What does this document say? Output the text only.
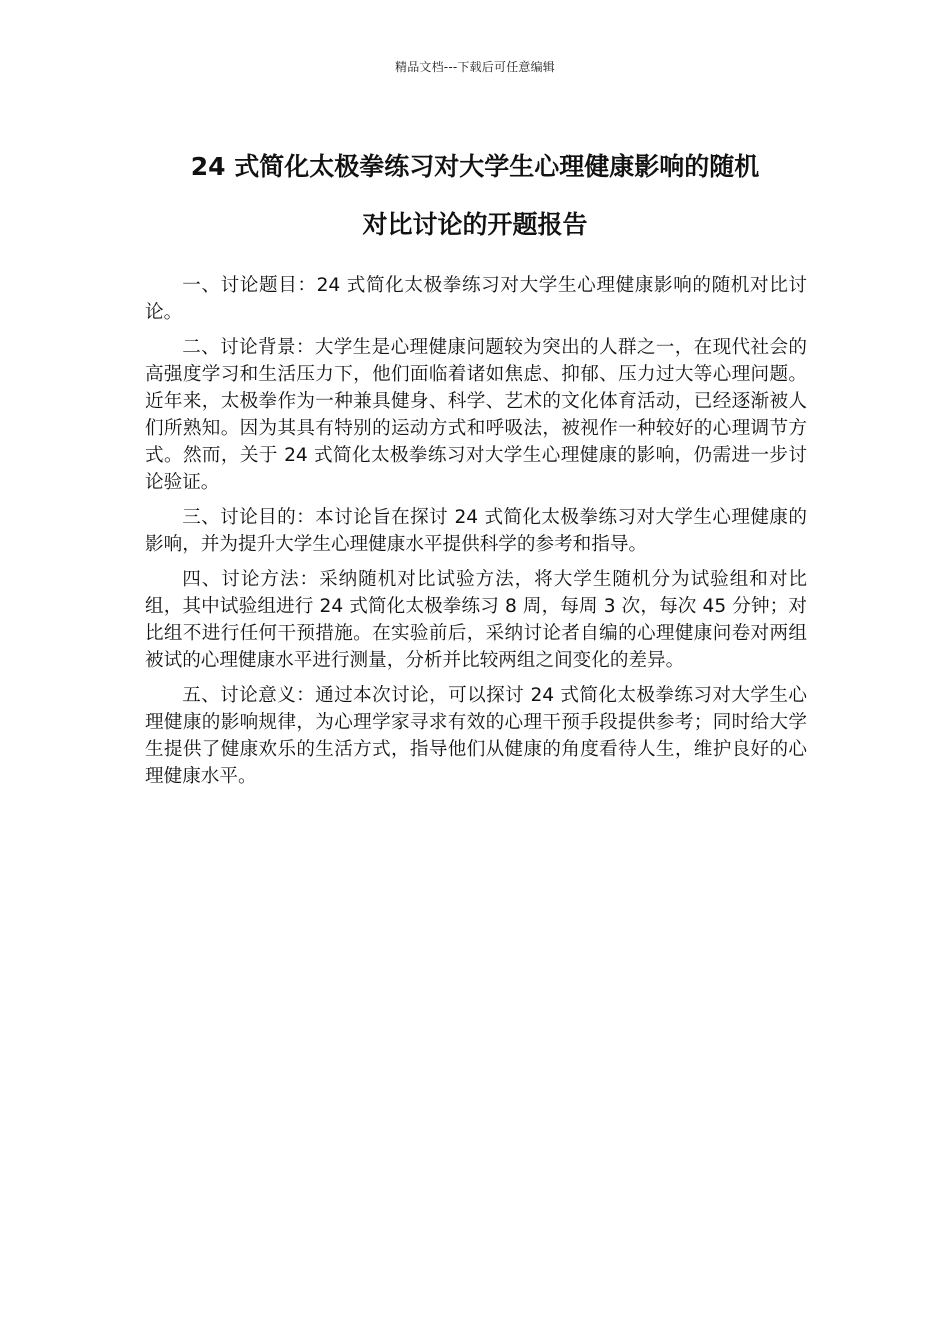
精品文档---下载后可任意编辑
24 式简化太极拳练习对大学生心理健康影响的随机
对比讨论的开题报告

一、讨论题目：24 式简化太极拳练习对大学生心理健康影响的随机对比讨论。

二、讨论背景：大学生是心理健康问题较为突出的人群之一，在现代社会的高强度学习和生活压力下，他们面临着诸如焦虑、抑郁、压力过大等心理问题。近年来，太极拳作为一种兼具健身、科学、艺术的文化体育活动，已经逐渐被人们所熟知。因为其具有特别的运动方式和呼吸法，被视作一种较好的心理调节方式。然而，关于 24 式简化太极拳练习对大学生心理健康的影响，仍需进一步讨论验证。

三、讨论目的：本讨论旨在探讨 24 式简化太极拳练习对大学生心理健康的影响，并为提升大学生心理健康水平提供科学的参考和指导。

四、讨论方法：采纳随机对比试验方法，将大学生随机分为试验组和对比组，其中试验组进行 24 式简化太极拳练习 8 周，每周 3 次，每次 45 分钟；对比组不进行任何干预措施。在实验前后，采纳讨论者自编的心理健康问卷对两组被试的心理健康水平进行测量，分析并比较两组之间变化的差异。

五、讨论意义：通过本次讨论，可以探讨 24 式简化太极拳练习对大学生心理健康的影响规律，为心理学家寻求有效的心理干预手段提供参考；同时给大学生提供了健康欢乐的生活方式，指导他们从健康的角度看待人生，维护良好的心理健康水平。
